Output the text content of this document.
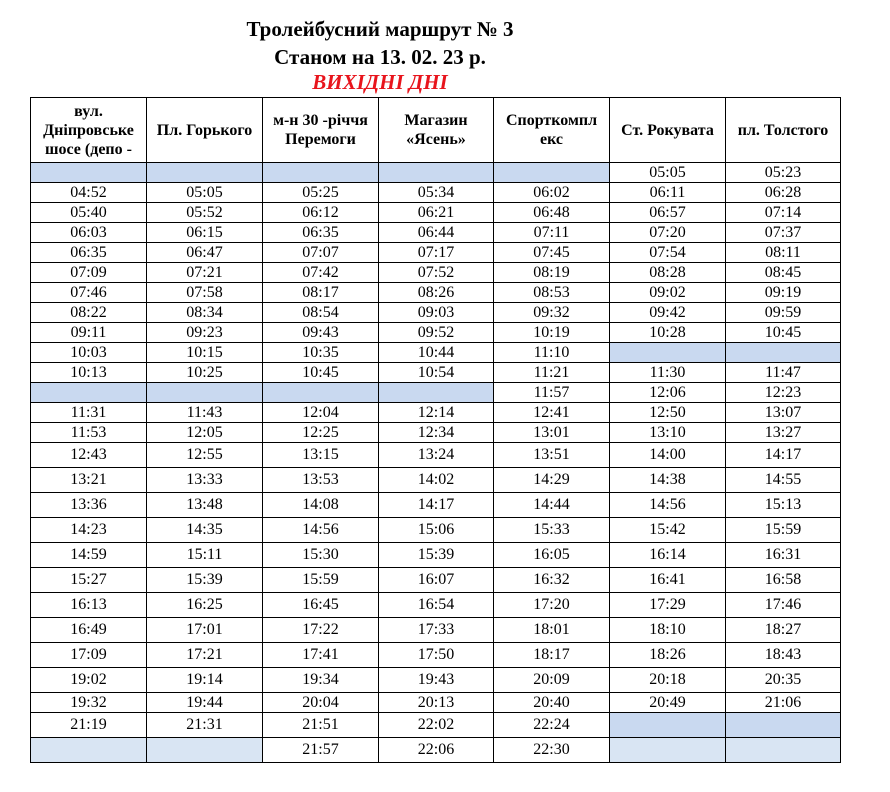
Тролейбусний маршрут № 3
Станом на 13. 02. 23 р.
ВИХІДНІ ДНІ
вул. Дніпровське шосе (депо -	Пл. Горького	м-н 30 -річчя Перемоги	Магазин «Ясень»	Спорткомпл екс	Ст. Рокувата	пл. Толстого
					05:05	05:23
04:52	05:05	05:25	05:34	06:02	06:11	06:28
05:40	05:52	06:12	06:21	06:48	06:57	07:14
06:03	06:15	06:35	06:44	07:11	07:20	07:37
06:35	06:47	07:07	07:17	07:45	07:54	08:11
07:09	07:21	07:42	07:52	08:19	08:28	08:45
07:46	07:58	08:17	08:26	08:53	09:02	09:19
08:22	08:34	08:54	09:03	09:32	09:42	09:59
09:11	09:23	09:43	09:52	10:19	10:28	10:45
10:03	10:15	10:35	10:44	11:10		
10:13	10:25	10:45	10:54	11:21	11:30	11:47
				11:57	12:06	12:23
11:31	11:43	12:04	12:14	12:41	12:50	13:07
11:53	12:05	12:25	12:34	13:01	13:10	13:27
12:43	12:55	13:15	13:24	13:51	14:00	14:17
13:21	13:33	13:53	14:02	14:29	14:38	14:55
13:36	13:48	14:08	14:17	14:44	14:56	15:13
14:23	14:35	14:56	15:06	15:33	15:42	15:59
14:59	15:11	15:30	15:39	16:05	16:14	16:31
15:27	15:39	15:59	16:07	16:32	16:41	16:58
16:13	16:25	16:45	16:54	17:20	17:29	17:46
16:49	17:01	17:22	17:33	18:01	18:10	18:27
17:09	17:21	17:41	17:50	18:17	18:26	18:43
19:02	19:14	19:34	19:43	20:09	20:18	20:35
19:32	19:44	20:04	20:13	20:40	20:49	21:06
21:19	21:31	21:51	22:02	22:24		
		21:57	22:06	22:30		
